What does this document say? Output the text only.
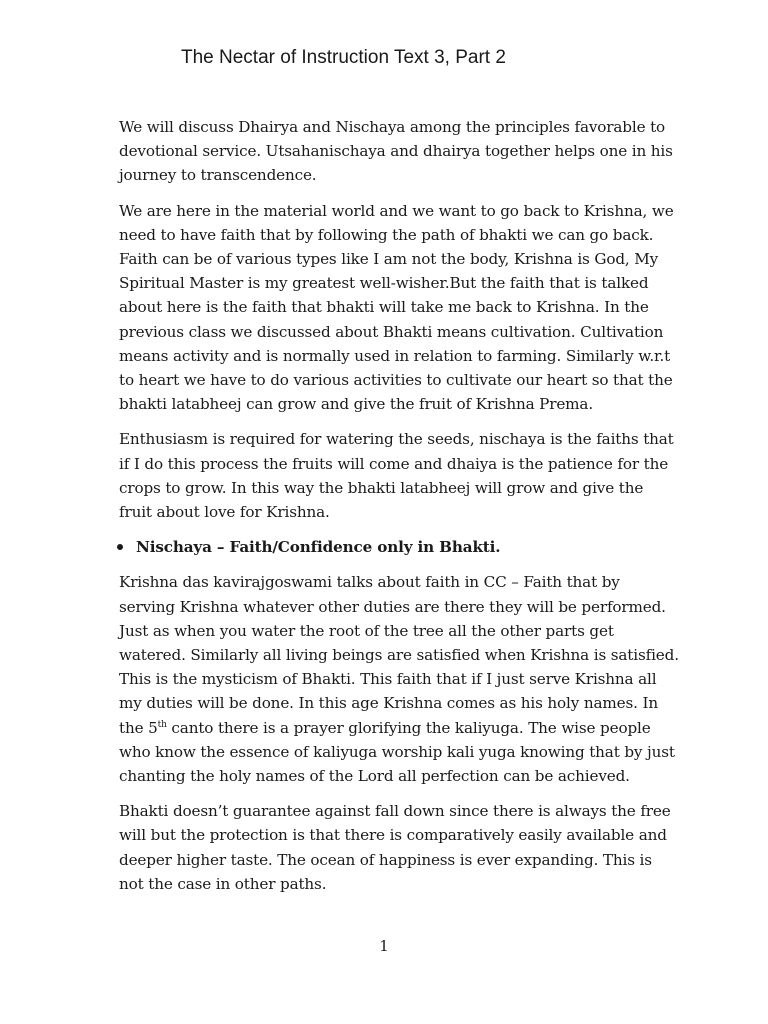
The Nectar of Instruction Text 3, Part 2

We will discuss Dhairya and Nischaya among the principles favorable to devotional service. Utsahanischaya and dhairya together helps one in his journey to transcendence.

We are here in the material world and we want to go back to Krishna, we need to have faith that by following the path of bhakti we can go back. Faith can be of various types like I am not the body, Krishna is God, My Spiritual Master is my greatest well-wisher.But the faith that is talked about here is the faith that bhakti will take me back to Krishna. In the previous class we discussed about Bhakti means cultivation. Cultivation means activity and is normally used in relation to farming. Similarly w.r.t to heart we have to do various activities to cultivate our heart so that the bhakti latabheej can grow and give the fruit of Krishna Prema.

Enthusiasm is required for watering the seeds, nischaya is the faiths that if I do this process the fruits will come and dhaiya is the patience for the crops to grow. In this way the bhakti latabheej will grow and give the fruit about love for Krishna.

Nischaya – Faith/Confidence only in Bhakti.

Krishna das kavirajgoswami talks about faith in CC – Faith that by serving Krishna whatever other duties are there they will be performed. Just as when you water the root of the tree all the other parts get watered. Similarly all living beings are satisfied when Krishna is satisfied. This is the mysticism of Bhakti. This faith that if I just serve Krishna all my duties will be done. In this age Krishna comes as his holy names. In the 5th canto there is a prayer glorifying the kaliyuga. The wise people who know the essence of kaliyuga worship kali yuga knowing that by just chanting the holy names of the Lord all perfection can be achieved.

Bhakti doesn’t guarantee against fall down since there is always the free will but the protection is that there is comparatively easily available and deeper higher taste. The ocean of happiness is ever expanding. This is not the case in other paths.

1
